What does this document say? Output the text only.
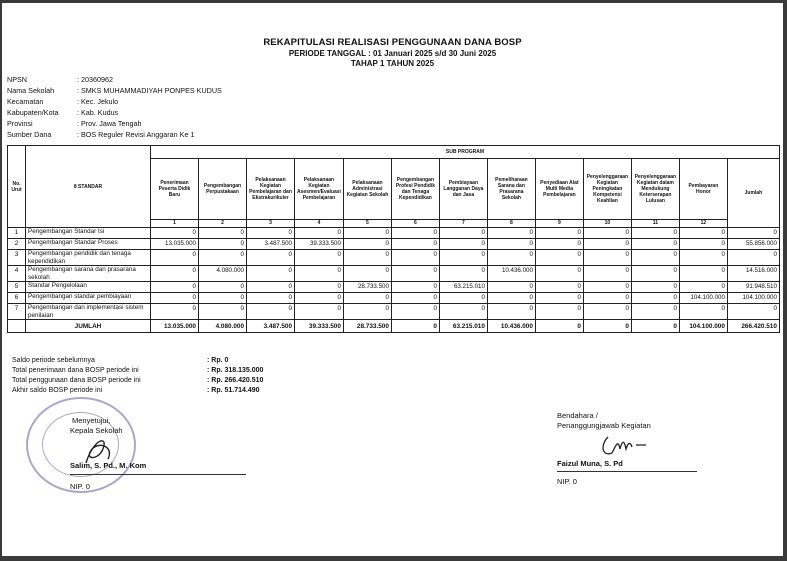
REKAPITULASI REALISASI PENGGUNAAN DANA BOSP
PERIODE TANGGAL : 01 Januari 2025 s/d 30 Juni 2025
TAHAP 1 TAHUN 2025
NPSN	: 20360962
Nama Sekolah	: SMKS MUHAMMADIYAH PONPES KUDUS
Kecamatan	: Kec. Jekulo
Kabupaten/Kota	: Kab. Kudus
Provinsi	: Prov. Jawa Tengah
Sumber Dana	: BOS Reguler Revisi Anggaran Ke 1
No. Urut	8 STANDAR	SUB PROGRAM												
		Penerimaan Peserta Didik Baru	Pengembangan Perpustakaan	Pelaksanaan Kegiatan Pembelajaran dan Ekstrakurikuler	Pelaksanaan Kegiatan Asesmen/Evaluasi Pembelajaran	Pelaksanaan Administrasi Kegiatan Sekolah	Pengembangan Profesi Pendidik dan Tenaga Kependidikan	Pembiayaan Langganan Daya dan Jasa	Pemeliharaan Sarana dan Prasarana Sekolah	Penyediaan Alat Multi Media Pembelajaran	Penyelenggaraan Kegiatan Peningkatan Kompetensi Keahlian	Penyelenggaraan Kegiatan dalam Mendukung Keterserapan Lulusan	Pembayaran Honor	Jumlah
		1	2	3	4	5	6	7	8	9	10	11	12	
1	Pengembangan Standar Isi	0	0	0	0	0	0	0	0	0	0	0	0	0
2	Pengembangan Standar Proses	13.035.000	0	3.487.500	39.333.500	0	0	0	0	0	0	0	0	55.856.000
3	Pengembangan pendidik dan tenaga kependidikan	0	0	0	0	0	0	0	0	0	0	0	0	0
4	Pengembangan sarana dan prasarana sekolah	0	4.080.000	0	0	0	0	0	10.436.000	0	0	0	0	14.516.000
5	Standar Pengelolaan	0	0	0	0	28.733.500	0	63.215.010	0	0	0	0	0	91.948.510
6	Pengembangan standar pembiayaan	0	0	0	0	0	0	0	0	0	0	0	104.100.000	104.100.000
7	Pengembangan dan implementasi sistem penilaian	0	0	0	0	0	0	0	0	0	0	0	0	0
	JUMLAH	13.035.000	4.080.000	3.487.500	39.333.500	28.733.500	0	63.215.010	10.436.000	0	0	0	104.100.000	266.420.510
Saldo periode sebelumnya	: Rp. 0
Total penerimaan dana BOSP periode ini	: Rp. 318.135.000
Total penggunaan dana BOSP periode ini	: Rp. 266.420.510
Akhir saldo BOSP periode ini	: Rp. 51.714.490
Menyetujui,
Kepala Sekolah
Salim, S. Pd., M. Kom
NIP. 0
Bendahara /
Penanggungjawab Kegiatan
Faizul Muna, S. Pd
NIP. 0
